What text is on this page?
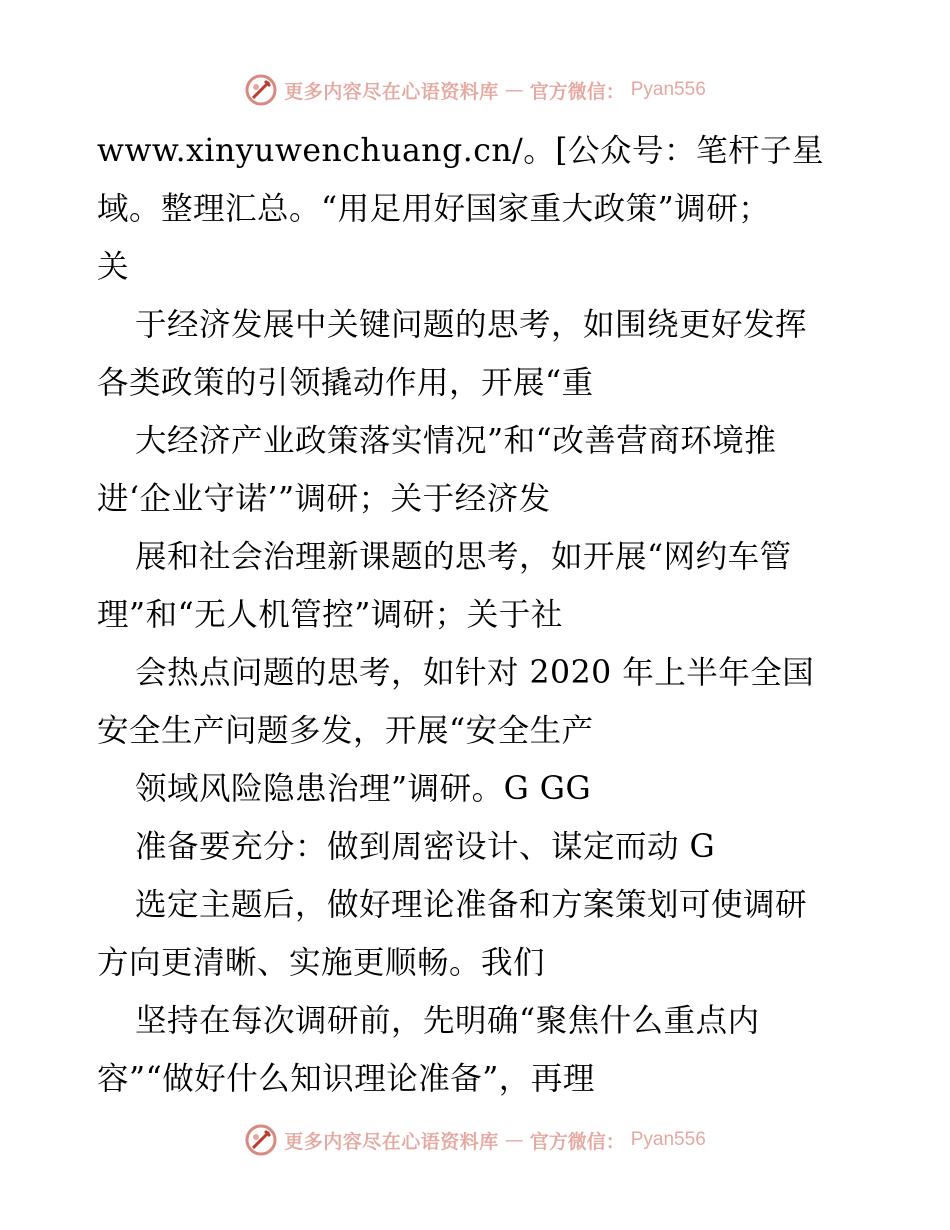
更多内容尽在心语资料库 — 官方微信： Pyan556
www.xinyuwenchuang.cn/。[公众号：笔杆子星
域。整理汇总。“用足用好国家重大政策”调研；
关
于经济发展中关键问题的思考，如围绕更好发挥
各类政策的引领撬动作用，开展“重
大经济产业政策落实情况”和“改善营商环境推
进‘企业守诺’”调研；关于经济发
展和社会治理新课题的思考，如开展“网约车管
理”和“无人机管控”调研；关于社
会热点问题的思考，如针对 2020 年上半年全国
安全生产问题多发，开展“安全生产
领域风险隐患治理”调研。G GG
准备要充分：做到周密设计、谋定而动 G
选定主题后，做好理论准备和方案策划可使调研
方向更清晰、实施更顺畅。我们
坚持在每次调研前，先明确“聚焦什么重点内
容”“做好什么知识理论准备”，再理
更多内容尽在心语资料库 — 官方微信： Pyan556
